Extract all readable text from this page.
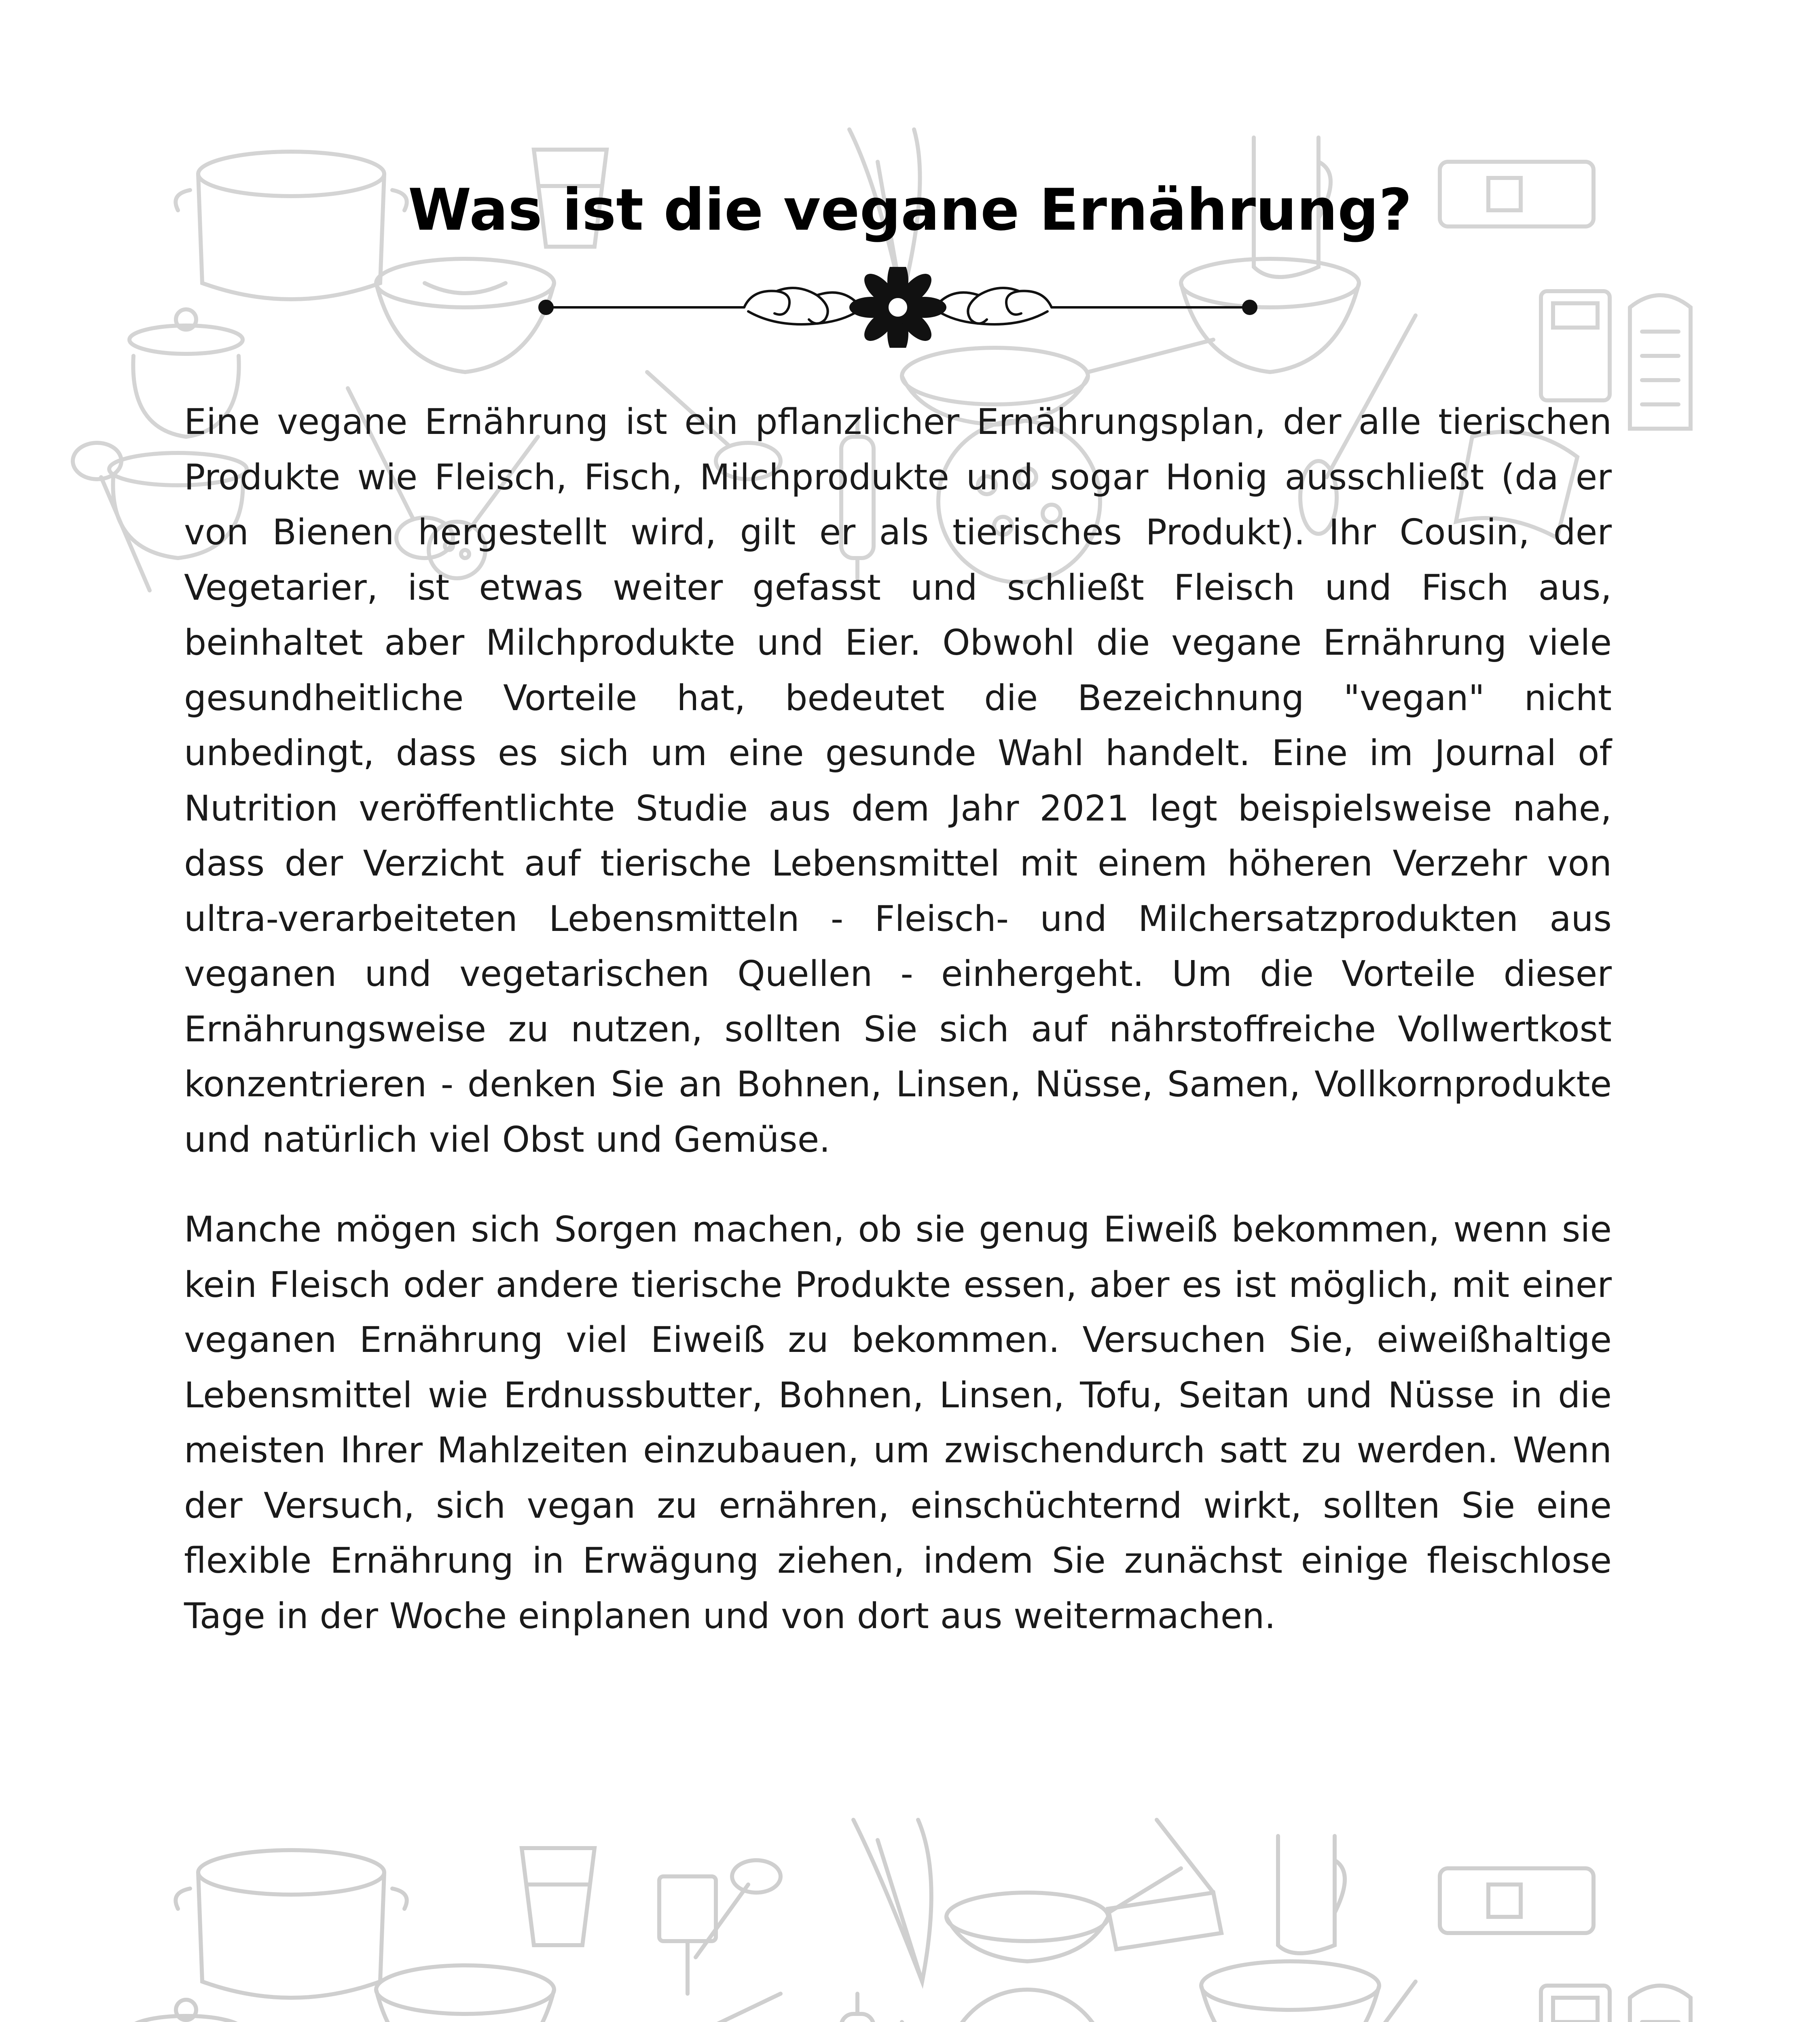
Was ist die vegane Ernährung?

Eine vegane Ernährung ist ein pflanzlicher Ernährungsplan, der alle tierischen Produkte wie Fleisch, Fisch, Milchprodukte und sogar Honig ausschließt (da er von Bienen hergestellt wird, gilt er als tierisches Produkt). Ihr Cousin, der Vegetarier, ist etwas weiter gefasst und schließt Fleisch und Fisch aus, beinhaltet aber Milchprodukte und Eier. Obwohl die vegane Ernährung viele gesundheitliche Vorteile hat, bedeutet die Bezeichnung "vegan" nicht unbedingt, dass es sich um eine gesunde Wahl handelt. Eine im Journal of Nutrition veröffentlichte Studie aus dem Jahr 2021 legt beispielsweise nahe, dass der Verzicht auf tierische Lebensmittel mit einem höheren Verzehr von ultra-verarbeiteten Lebensmitteln - Fleisch- und Milchersatzprodukten aus veganen und vegetarischen Quellen - einhergeht. Um die Vorteile dieser Ernährungsweise zu nutzen, sollten Sie sich auf nährstoffreiche Vollwertkost konzentrieren - denken Sie an Bohnen, Linsen, Nüsse, Samen, Vollkornprodukte und natürlich viel Obst und Gemüse.

Manche mögen sich Sorgen machen, ob sie genug Eiweiß bekommen, wenn sie kein Fleisch oder andere tierische Produkte essen, aber es ist möglich, mit einer veganen Ernährung viel Eiweiß zu bekommen. Versuchen Sie, eiweißhaltige Lebensmittel wie Erdnussbutter, Bohnen, Linsen, Tofu, Seitan und Nüsse in die meisten Ihrer Mahlzeiten einzubauen, um zwischendurch satt zu werden. Wenn der Versuch, sich vegan zu ernähren, einschüchternd wirkt, sollten Sie eine flexible Ernährung in Erwägung ziehen, indem Sie zunächst einige fleischlose Tage in der Woche einplanen und von dort aus weitermachen.
